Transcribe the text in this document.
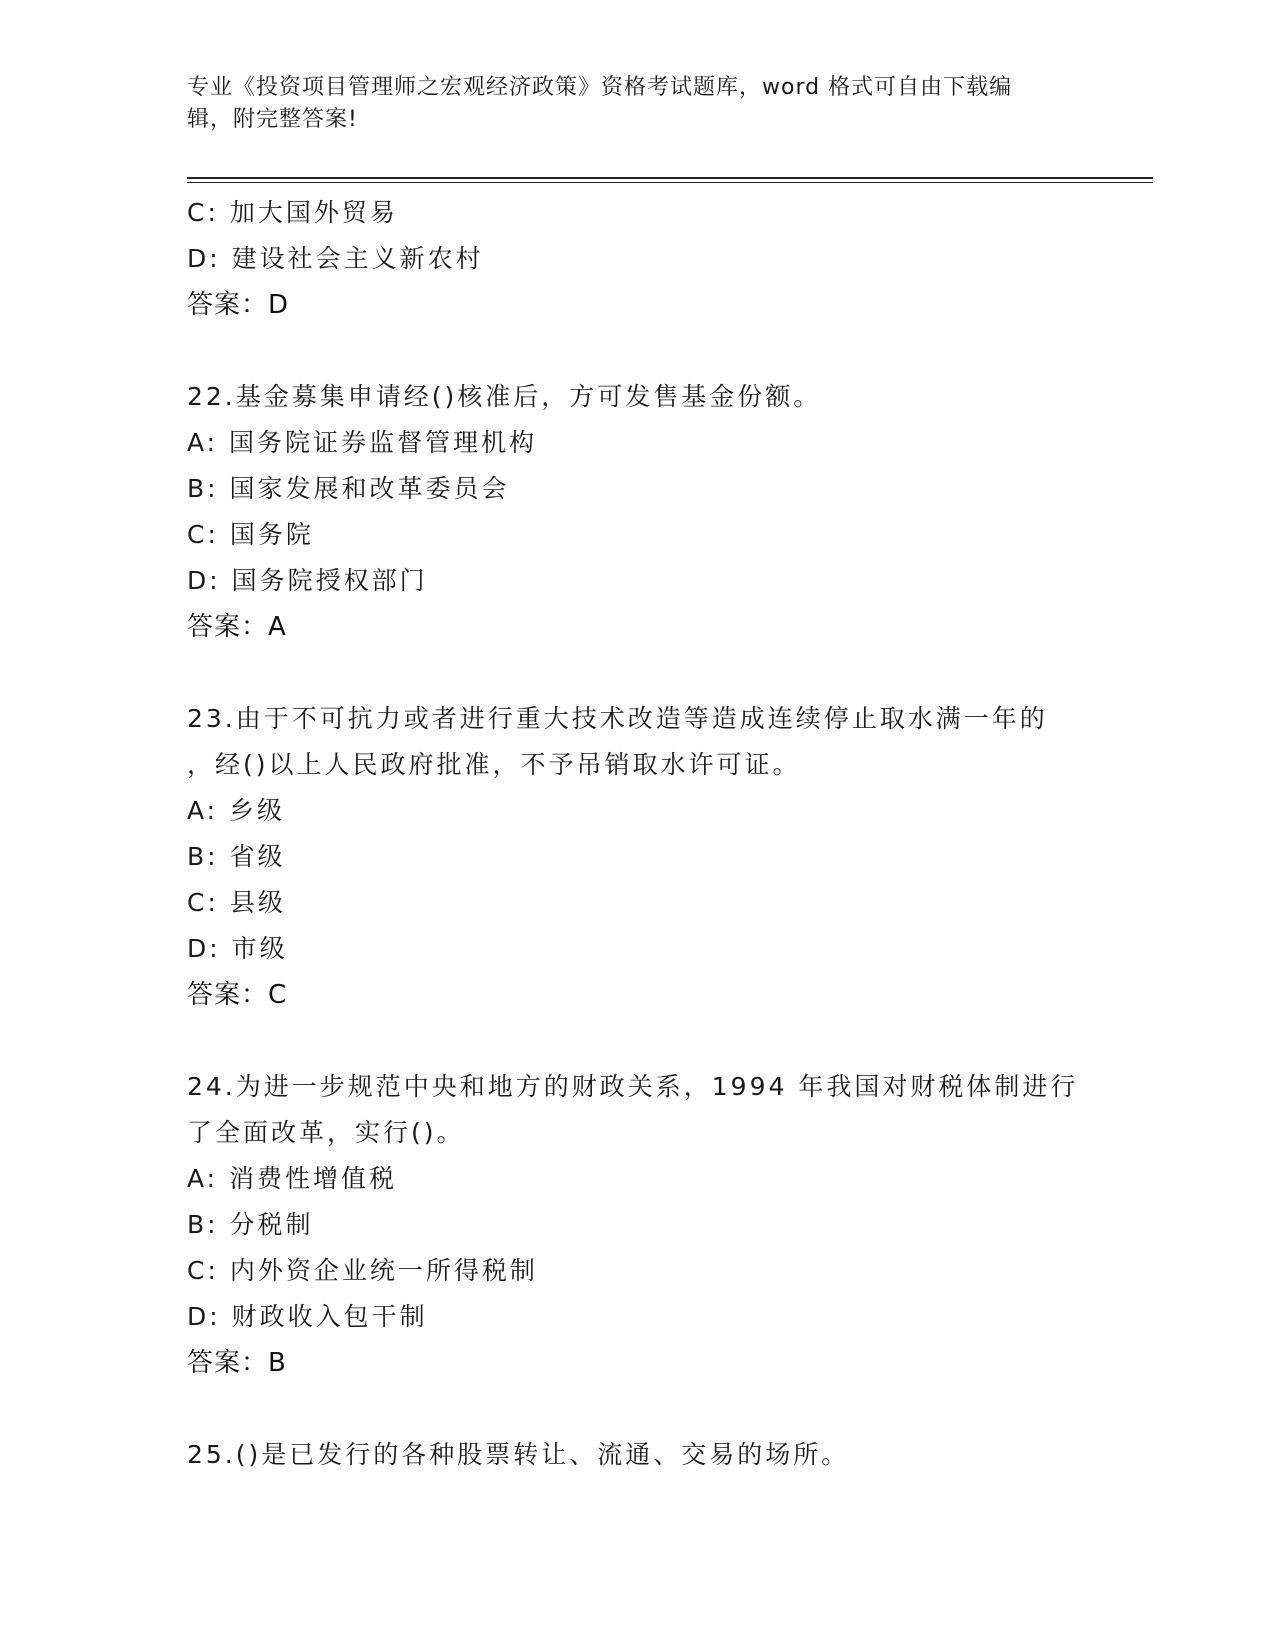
专业《投资项目管理师之宏观经济政策》资格考试题库，word 格式可自由下载编
辑，附完整答案!
C: 加大国外贸易
D: 建设社会主义新农村
答案：D
22.基金募集申请经()核准后，方可发售基金份额。
A: 国务院证券监督管理机构
B: 国家发展和改革委员会
C: 国务院
D: 国务院授权部门
答案：A
23.由于不可抗力或者进行重大技术改造等造成连续停止取水满一年的
，经()以上人民政府批准，不予吊销取水许可证。
A: 乡级
B: 省级
C: 县级
D: 市级
答案：C
24.为进一步规范中央和地方的财政关系，1994 年我国对财税体制进行
了全面改革，实行()。
A: 消费性增值税
B: 分税制
C: 内外资企业统一所得税制
D: 财政收入包干制
答案：B
25.()是已发行的各种股票转让、流通、交易的场所。
